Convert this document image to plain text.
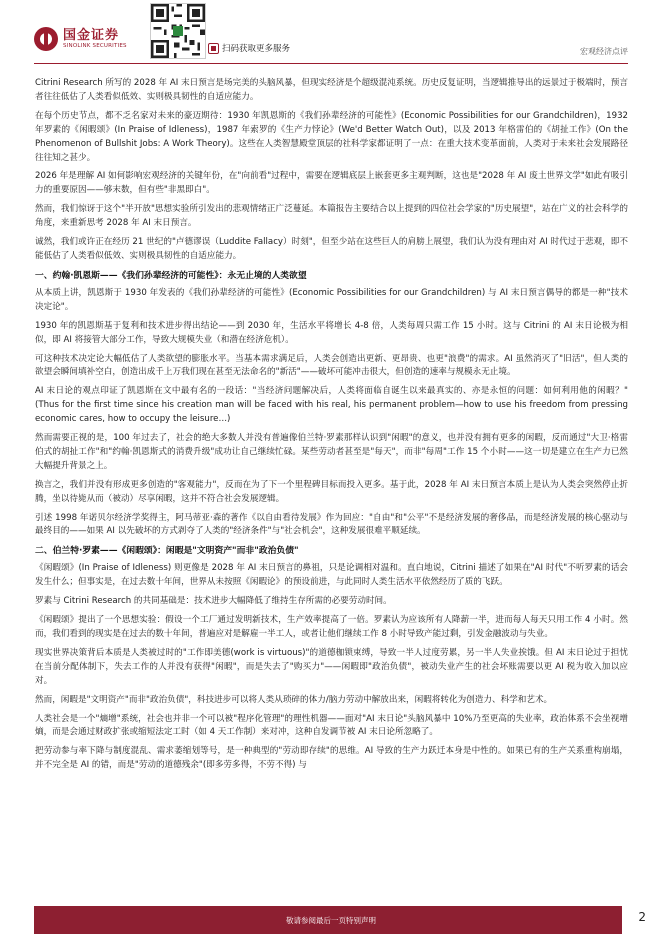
国金证券
SINOLINK SECURITIES	扫码获取更多服务	宏观经济点评
Citrini Research 所写的 2028 年 AI 末日预言是场完美的头脑风暴，但现实经济是个超级混沌系统。历史反复证明，当逻辑推导出的远景过于极端时，预言者往往低估了人类看似低效、实则极具韧性的自适应能力。
在每个历史节点，都不乏名家对未来的豪迈期待：1930 年凯恩斯的《我们孙辈经济的可能性》(Economic Possibilities for our Grandchildren)，1932 年罗素的《闲暇颂》(In Praise of Idleness)，1987 年索罗的《生产力悖论》(We'd Better Watch Out)，以及 2013 年格雷伯的《胡扯工作》(On the Phenomenon of Bullshit Jobs: A Work Theory)。这些在人类智慧殿堂顶层的社科学家都证明了一点：在重大技术变革面前，人类对于未来社会发展路径往往知之甚少。
2026 年是理解 AI 如何影响宏观经济的关键年份，在"向前看"过程中，需要在逻辑底层上嵌套更多主观判断，这也是"2028 年 AI 废土世界文学"如此有吸引力的重要原因——够末数，但有些"非黑即白"。
然而，我们惊讶于这个"半开放"思想实验所引发出的悲观情绪正广泛蔓延。本篇报告主要结合以上提到的四位社会学家的"历史展望"，站在广义的社会科学的角度，来重新思考 2028 年 AI 末日预言。
诚然，我们或许正在经历 21 世纪的"卢德谬误（Luddite Fallacy）时刻"，但至少站在这些巨人的肩膀上展望，我们认为没有理由对 AI 时代过于悲观，即不能低估了人类看似低效、实则极具韧性的自适应能力。
一、约翰·凯恩斯——《我们孙辈经济的可能性》：永无止境的人类欲望
从本质上讲，凯恩斯于 1930 年发表的《我们孙辈经济的可能性》(Economic Possibilities for our Grandchildren) 与 AI 末日预言偶导的都是一种"技术决定论"。
1930 年的凯恩斯基于复利和技术进步得出结论——到 2030 年，生活水平将增长 4-8 倍，人类每周只需工作 15 小时。这与 Citrini 的 AI 末日论极为相似，即 AI 将接管大部分工作，导致大规模失业（和潜在经济危机）。
可这种技术决定论大幅低估了人类欲望的膨胀水平。当基本需求满足后，人类会创造出更新、更昂贵、也更"浪费"的需求。AI 虽然消灭了"旧活"，但人类的欲望会瞬间填补空白，创造出成千上万我们现在甚至无法命名的"新活"——破坏可能冲击很大，但创造的速率与规模永无止境。
AI 末日论的观点印证了凯恩斯在文中最有名的一段话："当经济问题解决后，人类将面临自诞生以来最真实的、亦是永恒的问题：如何利用他的闲暇？"(Thus for the first time since his creation man will be faced with his real, his permanent problem—how to use his freedom from pressing economic cares, how to occupy the leisure…)
然而需要正视的是，100 年过去了，社会的绝大多数人并没有普遍像伯兰特·罗素那样认识到"闲暇"的意义，也并没有拥有更多的闲暇，反而通过"大卫·格雷伯式的胡扯工作"和"约翰·凯恩斯式的消费升级"成功让自己继续忙碌。某些劳动者甚至是"每天"，而非"每周"工作 15 个小时——这一切是建立在生产力已然大幅提升背景之上。
换言之，我们并没有形成更多创造的"客观能力"，反而在为了下一个里程碑目标而投入更多。基于此，2028 年 AI 末日预言本质上是认为人类会突然停止折腾，坐以待毙从而（被动）尽享闲暇，这并不符合社会发展逻辑。
引述 1998 年诺贝尔经济学奖得主，阿马蒂亚·森的著作《以自由看待发展》作为回应："自由"和"公平"不是经济发展的奢侈品，而是经济发展的核心驱动与最终目的——如果 AI 以先破坏的方式剥夺了人类的"经济条件"与"社会机会"，这种发展很难平顺延续。
二、伯兰特·罗素——《闲暇颂》：闲暇是"文明资产"而非"政治负债"
《闲暇颂》(In Praise of Idleness) 则更像是 2028 年 AI 末日预言的鼻祖，只是论调相对温和。直白地说，Citrini 描述了如果在"AI 时代"不听罗素的话会发生什么；但事实是，在过去数十年间，世界从未按照《闲暇论》的预设前进，与此同时人类生活水平依然经历了质的飞跃。
罗素与 Citrini Research 的共同基础是：技术进步大幅降低了维持生存所需的必要劳动时间。
《闲暇颂》提出了一个思想实验：假设一个工厂通过发明新技术，生产效率提高了一倍。罗素认为应该所有人降薪一半，进而每人每天只用工作 4 小时。然而，我们看到的现实是在过去的数十年间，普遍应对是解雇一半工人，或者让他们继续工作 8 小时导致产能过剩，引发金融波动与失业。
现实世界决策背后本质是人类被过时的"工作即美德(work is virtuous)"的道德枷锁束缚，导致一半人过度劳累，另一半人失业挨饿。但 AI 末日论过于担忧在当前分配体制下，失去工作的人并没有获得"闲暇"，而是失去了"购买力"——闲暇即"政治负债"，被动失业产生的社会坏账需要以更 AI 税为收入加以应对。
然而，闲暇是"文明资产"而非"政治负债"，科技进步可以将人类从琐碎的体力/脑力劳动中解放出来，闲暇将转化为创造力、科学和艺术。
人类社会是一个"熵增"系统，社会也并非一个可以被"程序化管理"的理性机器——面对"AI 末日论"头脑风暴中 10%乃至更高的失业率，政治体系不会坐视增熵，而是会通过财政扩张或缩短法定工时（如 4 天工作制）来对冲，这种自发调节被 AI 末日论所忽略了。
把劳动参与率下降与制度混乱、需求萎缩划等号，是一种典型的"劳动即存续"的思维。AI 导致的生产力跃迁本身是中性的。如果已有的生产关系重构崩塌，并不完全是 AI 的错，而是"劳动的道德残余"(即多劳多得，不劳不得) 与
敬请参阅最后一页特别声明	2
